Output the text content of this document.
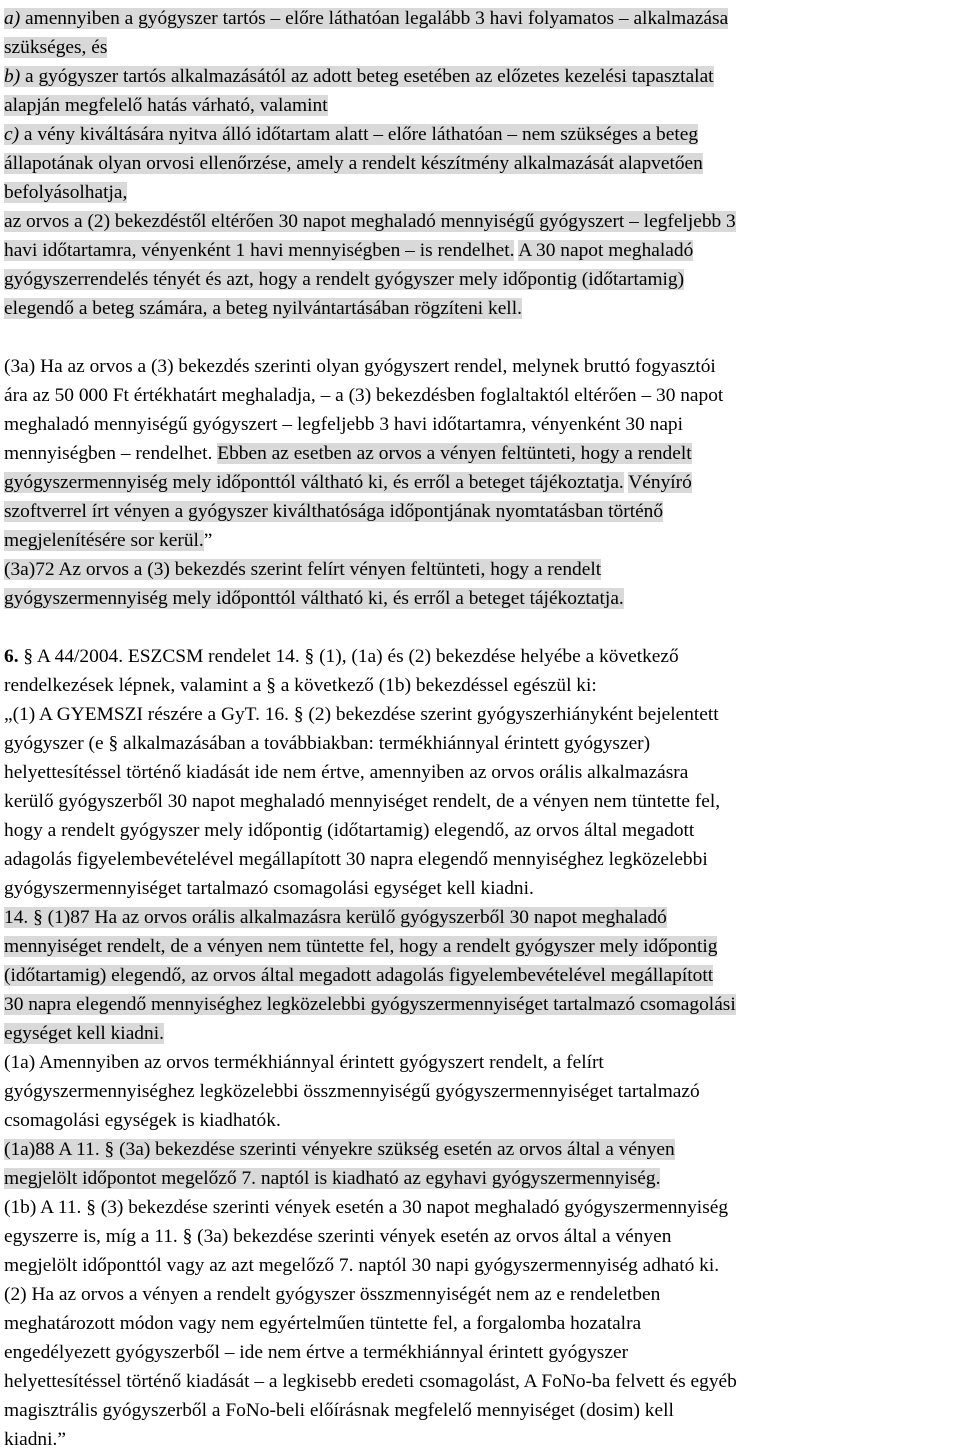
a) amennyiben a gyógyszer tartós – előre láthatóan legalább 3 havi folyamatos – alkalmazása
szükséges, és
b) a gyógyszer tartós alkalmazásától az adott beteg esetében az előzetes kezelési tapasztalat
alapján megfelelő hatás várható, valamint
c) a vény kiváltására nyitva álló időtartam alatt – előre láthatóan – nem szükséges a beteg
állapotának olyan orvosi ellenőrzése, amely a rendelt készítmény alkalmazását alapvetően
befolyásolhatja,
az orvos a (2) bekezdéstől eltérően 30 napot meghaladó mennyiségű gyógyszert – legfeljebb 3
havi időtartamra, vényenként 1 havi mennyiségben – is rendelhet. A 30 napot meghaladó
gyógyszerrendelés tényét és azt, hogy a rendelt gyógyszer mely időpontig (időtartamig)
elegendő a beteg számára, a beteg nyilvántartásában rögzíteni kell.
(3a) Ha az orvos a (3) bekezdés szerinti olyan gyógyszert rendel, melynek bruttó fogyasztói
ára az 50 000 Ft értékhatárt meghaladja, – a (3) bekezdésben foglaltaktól eltérően – 30 napot
meghaladó mennyiségű gyógyszert – legfeljebb 3 havi időtartamra, vényenként 30 napi
mennyiségben – rendelhet. Ebben az esetben az orvos a vényen feltünteti, hogy a rendelt
gyógyszermennyiség mely időponttól váltható ki, és erről a beteget tájékoztatja. Vényíró
szoftverrel írt vényen a gyógyszer kiválthatósága időpontjának nyomtatásban történő
megjelenítésére sor kerül.”
(3a)72 Az orvos a (3) bekezdés szerint felírt vényen feltünteti, hogy a rendelt
gyógyszermennyiség mely időponttól váltható ki, és erről a beteget tájékoztatja.
6. § A 44/2004. ESZCSM rendelet 14. § (1), (1a) és (2) bekezdése helyébe a következő
rendelkezések lépnek, valamint a § a következő (1b) bekezdéssel egészül ki:
„(1) A GYEMSZI részére a GyT. 16. § (2) bekezdése szerint gyógyszerhiányként bejelentett
gyógyszer (e § alkalmazásában a továbbiakban: termékhiánnyal érintett gyógyszer)
helyettesítéssel történő kiadását ide nem értve, amennyiben az orvos orális alkalmazásra
kerülő gyógyszerből 30 napot meghaladó mennyiséget rendelt, de a vényen nem tüntette fel,
hogy a rendelt gyógyszer mely időpontig (időtartamig) elegendő, az orvos által megadott
adagolás figyelembevételével megállapított 30 napra elegendő mennyiséghez legközelebbi
gyógyszermennyiséget tartalmazó csomagolási egységet kell kiadni.
14. § (1)87 Ha az orvos orális alkalmazásra kerülő gyógyszerből 30 napot meghaladó
mennyiséget rendelt, de a vényen nem tüntette fel, hogy a rendelt gyógyszer mely időpontig
(időtartamig) elegendő, az orvos által megadott adagolás figyelembevételével megállapított
30 napra elegendő mennyiséghez legközelebbi gyógyszermennyiséget tartalmazó csomagolási
egységet kell kiadni.
(1a) Amennyiben az orvos termékhiánnyal érintett gyógyszert rendelt, a felírt
gyógyszermennyiséghez legközelebbi összmennyiségű gyógyszermennyiséget tartalmazó
csomagolási egységek is kiadhatók.
(1a)88 A 11. § (3a) bekezdése szerinti vényekre szükség esetén az orvos által a vényen
megjelölt időpontot megelőző 7. naptól is kiadható az egyhavi gyógyszermennyiség.
(1b) A 11. § (3) bekezdése szerinti vények esetén a 30 napot meghaladó gyógyszermennyiség
egyszerre is, míg a 11. § (3a) bekezdése szerinti vények esetén az orvos által a vényen
megjelölt időponttól vagy az azt megelőző 7. naptól 30 napi gyógyszermennyiség adható ki.
(2) Ha az orvos a vényen a rendelt gyógyszer összmennyiségét nem az e rendeletben
meghatározott módon vagy nem egyértelműen tüntette fel, a forgalomba hozatalra
engedélyezett gyógyszerből – ide nem értve a termékhiánnyal érintett gyógyszer
helyettesítéssel történő kiadását – a legkisebb eredeti csomagolást, A FoNo-ba felvett és egyéb
magisztrális gyógyszerből a FoNo-beli előírásnak megfelelő mennyiséget (dosim) kell
kiadni.”
